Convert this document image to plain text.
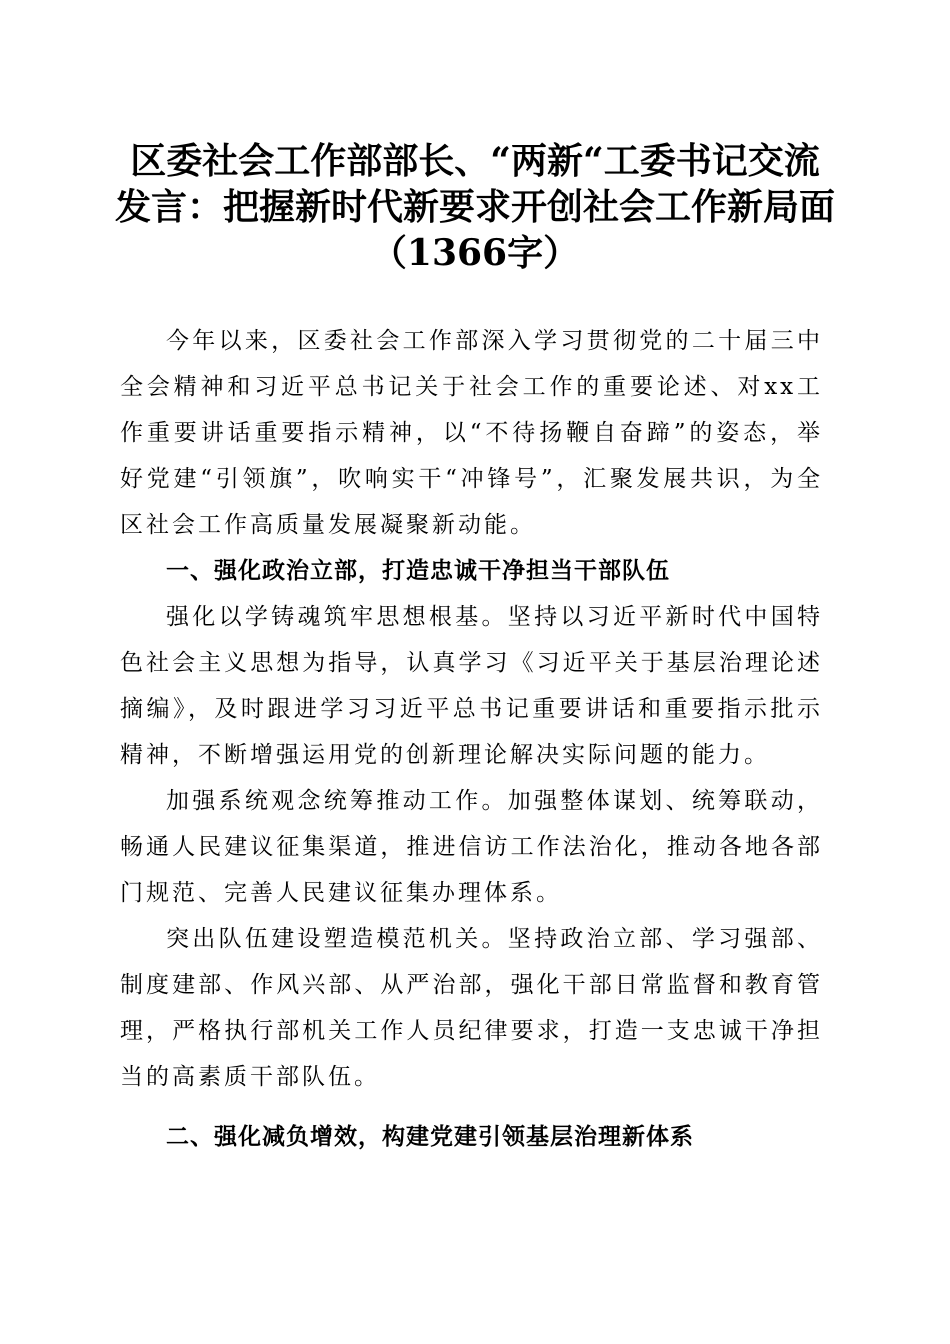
区委社会工作部部长、“两新“工委书记交流
发言：把握新时代新要求开创社会工作新局面
（1366字）

今年以来，区委社会工作部深入学习贯彻党的二十届三中全会精神和习近平总书记关于社会工作的重要论述、对xx工作重要讲话重要指示精神，以“不待扬鞭自奋蹄”的姿态，举好党建“引领旗”，吹响实干“冲锋号”，汇聚发展共识，为全区社会工作高质量发展凝聚新动能。

一、强化政治立部，打造忠诚干净担当干部队伍

强化以学铸魂筑牢思想根基。坚持以习近平新时代中国特色社会主义思想为指导，认真学习《习近平关于基层治理论述摘编》，及时跟进学习习近平总书记重要讲话和重要指示批示精神，不断增强运用党的创新理论解决实际问题的能力。

加强系统观念统筹推动工作。加强整体谋划、统筹联动，畅通人民建议征集渠道，推进信访工作法治化，推动各地各部门规范、完善人民建议征集办理体系。

突出队伍建设塑造模范机关。坚持政治立部、学习强部、制度建部、作风兴部、从严治部，强化干部日常监督和教育管理，严格执行部机关工作人员纪律要求，打造一支忠诚干净担当的高素质干部队伍。

二、强化减负增效，构建党建引领基层治理新体系
